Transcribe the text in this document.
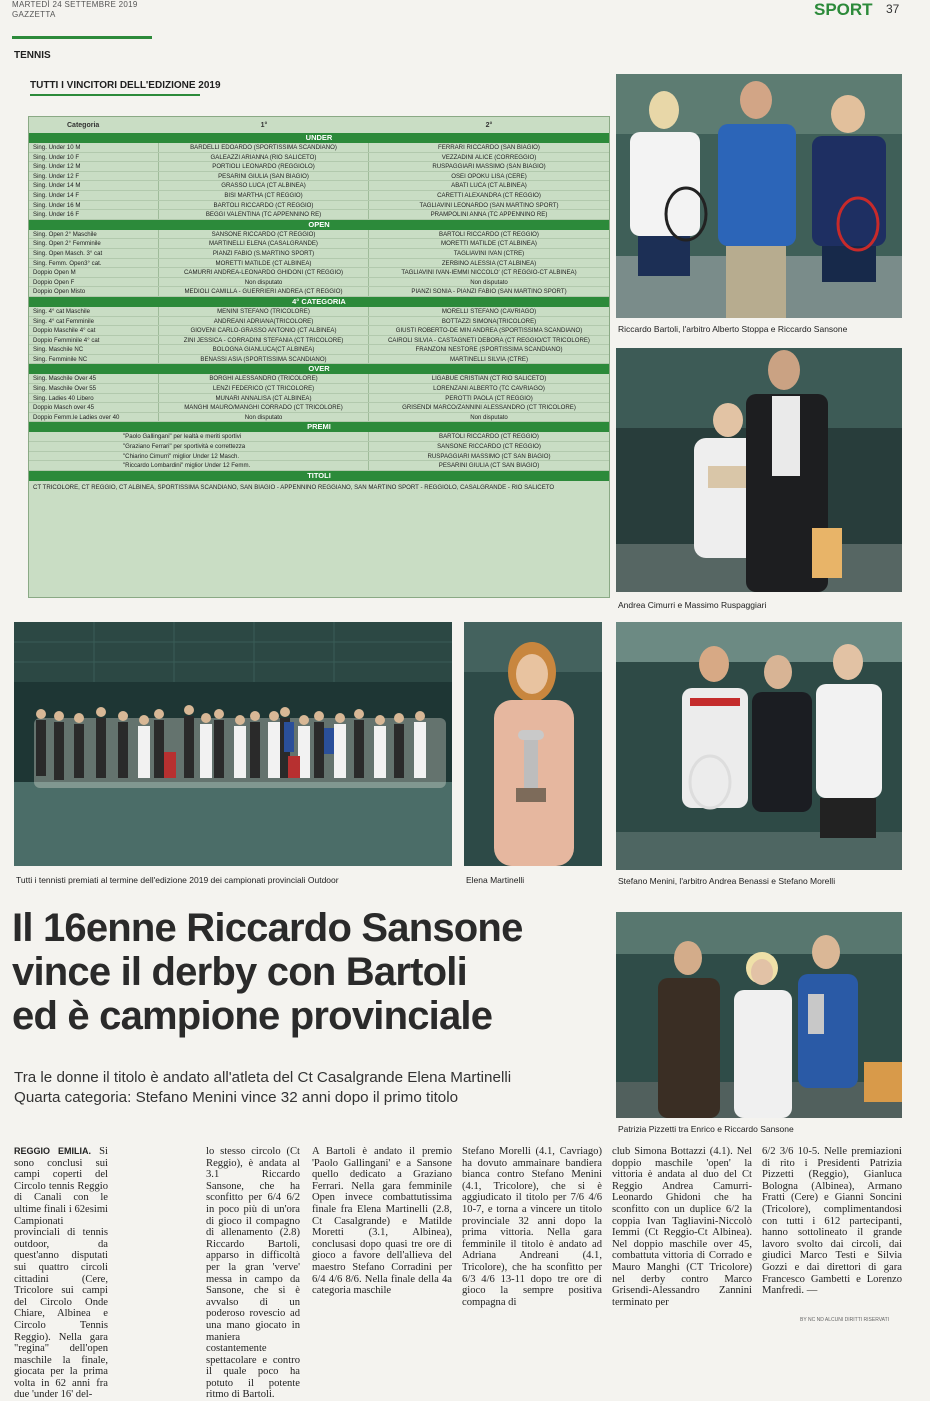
MARTEDÌ 24 SETTEMBRE 2019
GAZZETTA	SPORT 37
TENNIS
TUTTI I VINCITORI DELL'EDIZIONE 2019
Categoria	1°	2°
UNDER
Sing. Under 10 M	BARDELLI EDOARDO (SPORTISSIMA SCANDIANO)	FERRARI RICCARDO (SAN BIAGIO)
Sing. Under 10 F	GALEAZZI ARIANNA (RIO SALICETO)	VEZZADINI ALICE (CORREGGIO)
Sing. Under 12 M	PORTIOLI LEONARDO (REGGIOLO)	RUSPAGGIARI MASSIMO (SAN BIAGIO)
Sing. Under 12 F	PESARINI GIULIA (SAN BIAGIO)	OSEI OPOKU LISA (CERE)
Sing. Under 14 M	GRASSO LUCA (CT ALBINEA)	ABATI LUCA (CT ALBINEA)
Sing. Under 14 F	BISI MARTHA (CT REGGIO)	CARETTI ALEXANDRA (CT REGGIO)
Sing. Under 16 M	BARTOLI RICCARDO (CT REGGIO)	TAGLIAVINI LEONARDO (SAN MARTINO SPORT)
Sing. Under 16 F	BEGGI VALENTINA (TC APPENNINO RE)	PRAMPOLINI ANNA (TC APPENNINO RE)
OPEN
Sing. Open 2° Maschile	SANSONE RICCARDO (CT REGGIO)	BARTOLI RICCARDO (CT REGGIO)
Sing. Open 2° Femminile	MARTINELLI ELENA (CASALGRANDE)	MORETTI MATILDE (CT ALBINEA)
Sing. Open Masch. 3° cat	PIANZI FABIO (S.MARTINO SPORT)	TAGLIAVINI IVAN (CTRE)
Sing. Femm. Open3° cat.	MORETTI MATILDE (CT ALBINEA)	ZERBINO ALESSIA (CT ALBINEA)
Doppio Open M	CAMURRI ANDREA-LEONARDO GHIDONI (CT REGGIO)	TAGLIAVINI IVAN-IEMMI NICCOLO' (CT REGGIO-CT ALBINEA)
Doppio Open F	Non disputato	Non disputato
Doppio Open Misto	MEDIOLI CAMILLA - GUERRIERI ANDREA (CT REGGIO)	PIANZI SONIA - PIANZI FABIO (SAN MARTINO SPORT)
4° CATEGORIA
Sing. 4° cat Maschile	MENINI STEFANO (TRICOLORE)	MORELLI STEFANO (CAVRIAGO)
Sing. 4° cat Femminile	ANDREANI ADRIANA(TRICOLORE)	BOTTAZZI SIMONA(TRICOLORE)
Doppio Maschile 4° cat	GIOVENI CARLO-GRASSO ANTONIO (CT ALBINEA)	GIUSTI ROBERTO-DE MIN ANDREA (SPORTISSIMA SCANDIANO)
Doppio Femminile 4° cat	ZINI JESSICA - CORRADINI STEFANIA (CT TRICOLORE)	CAIROLI SILVIA - CASTAGNETI DEBORA (CT REGGIO/CT TRICOLORE)
Sing. Maschile NC	BOLOGNA GIANLUCA(CT ALBINEA)	FRANZONI NESTORE (SPORTISSIMA SCANDIANO)
Sing. Femminile NC	BENASSI ASIA (SPORTISSIMA SCANDIANO)	MARTINELLI SILVIA (CTRE)
OVER
Sing. Maschile Over 45	BORGHI ALESSANDRO (TRICOLORE)	LIGABUE CRISTIAN (CT RIO SALICETO)
Sing. Maschile Over 55	LENZI FEDERICO (CT TRICOLORE)	LORENZANI ALBERTO (TC CAVRIAGO)
Sing. Ladies 40 Libero	MUNARI ANNALISA (CT ALBINEA)	PEROTTI PAOLA (CT REGGIO)
Doppio Masch over 45	MANGHI MAURO/MANGHI CORRADO (CT TRICOLORE)	GRISENDI MARCO/ZANNINI ALESSANDRO (CT TRICOLORE)
Doppio Femm.le Ladies over 40	Non disputato	Non disputato
PREMI
"Paolo Gallingani" per lealtà e meriti sportivi	BARTOLI RICCARDO (CT REGGIO)
"Graziano Ferrari" per sportività e correttezza	SANSONE RICCARDO (CT REGGIO)
"Chiarino Cimurri" miglior Under 12 Masch.	RUSPAGGIARI MASSIMO (CT SAN BIAGIO)
"Riccardo Lombardini" miglior Under 12 Femm.	PESARINI GIULIA (CT SAN BIAGIO)
TITOLI
CT TRICOLORE, CT REGGIO, CT ALBINEA, SPORTISSIMA SCANDIANO, SAN BIAGIO - APPENNINO REGGIANO, SAN MARTINO SPORT - REGGIOLO, CASALGRANDE - RIO SALICETO
Riccardo Bartoli, l'arbitro Alberto Stoppa e Riccardo Sansone
Andrea Cimurri e Massimo Ruspaggiari
Tutti i tennisti premiati al termine dell'edizione 2019 dei campionati provinciali Outdoor	Elena Martinelli	Stefano Menini, l'arbitro Andrea Benassi e Stefano Morelli
Patrizia Pizzetti tra Enrico e Riccardo Sansone
Il 16enne Riccardo Sansone
vince il derby con Bartoli
ed è campione provinciale
Tra le donne il titolo è andato all'atleta del Ct Casalgrande Elena Martinelli
Quarta categoria: Stefano Menini vince 32 anni dopo il primo titolo
REGGIO EMILIA. Si sono conclusi sui campi coperti del Circolo tennis Reggio di Canali con le ultime finali i 62esimi Campionati provinciali di tennis outdoor, da quest'anno disputati sui quattro circoli cittadini (Cere, Tricolore sui campi del Circolo Onde Chiare, Albinea e Circolo Tennis Reggio). Nella gara "regina" dell'open maschile la finale, giocata per la prima volta in 62 anni fra due 'under 16' del-
lo stesso circolo (Ct Reggio), è andata al 3.1 Riccardo Sansone, che ha sconfitto per 6/4 6/2 in poco più di un'ora di gioco il compagno di allenamento (2.8) Riccardo Bartoli, apparso in difficoltà per la gran 'verve' messa in campo da Sansone, che si è avvalso di un poderoso rovescio ad una mano giocato in maniera costantemente spettacolare e contro il quale poco ha potuto il potente ritmo di Bartoli.
A Bartoli è andato il premio 'Paolo Gallingani' e a Sansone quello dedicato a Graziano Ferrari. Nella gara femminile Open invece combattutissima finale fra Elena Martinelli (2.8, Ct Casalgrande) e Matilde Moretti (3.1, Albinea), conclusasi dopo quasi tre ore di gioco a favore dell'allieva del maestro Stefano Corradini per 6/4 4/6 8/6. Nella finale della 4a categoria maschile
Stefano Morelli (4.1, Cavriago) ha dovuto ammainare bandiera bianca contro Stefano Menini (4.1, Tricolore), che si è aggiudicato il titolo per 7/6 4/6 10-7, e torna a vincere un titolo provinciale 32 anni dopo la prima vittoria. Nella gara femminile il titolo è andato ad Adriana Andreani (4.1, Tricolore), che ha sconfitto per 6/3 4/6 13-11 dopo tre ore di gioco la sempre positiva compagna di
club Simona Bottazzi (4.1). Nel doppio maschile 'open' la vittoria è andata al duo del Ct Reggio Andrea Camurri-Leonardo Ghidoni che ha sconfitto con un duplice 6/2 la coppia Ivan Tagliavini-Niccolò Iemmi (Ct Reggio-Ct Albinea). Nel doppio maschile over 45, combattuta vittoria di Corrado e Mauro Manghi (CT Tricolore) nel derby contro Marco Grisendi-Alessandro Zannini terminato per
6/2 3/6 10-5. Nelle premiazioni di rito i Presidenti Patrizia Pizzetti (Reggio), Gianluca Bologna (Albinea), Armano Fratti (Cere) e Gianni Soncini (Tricolore), complimentandosi con tutti i 612 partecipanti, hanno sottolineato il grande lavoro svolto dai circoli, dai giudici Marco Testi e Silvia Gozzi e dai direttori di gara Francesco Gambetti e Lorenzo Manfredi. —
BY NC ND ALCUNI DIRITTI RISERVATI
